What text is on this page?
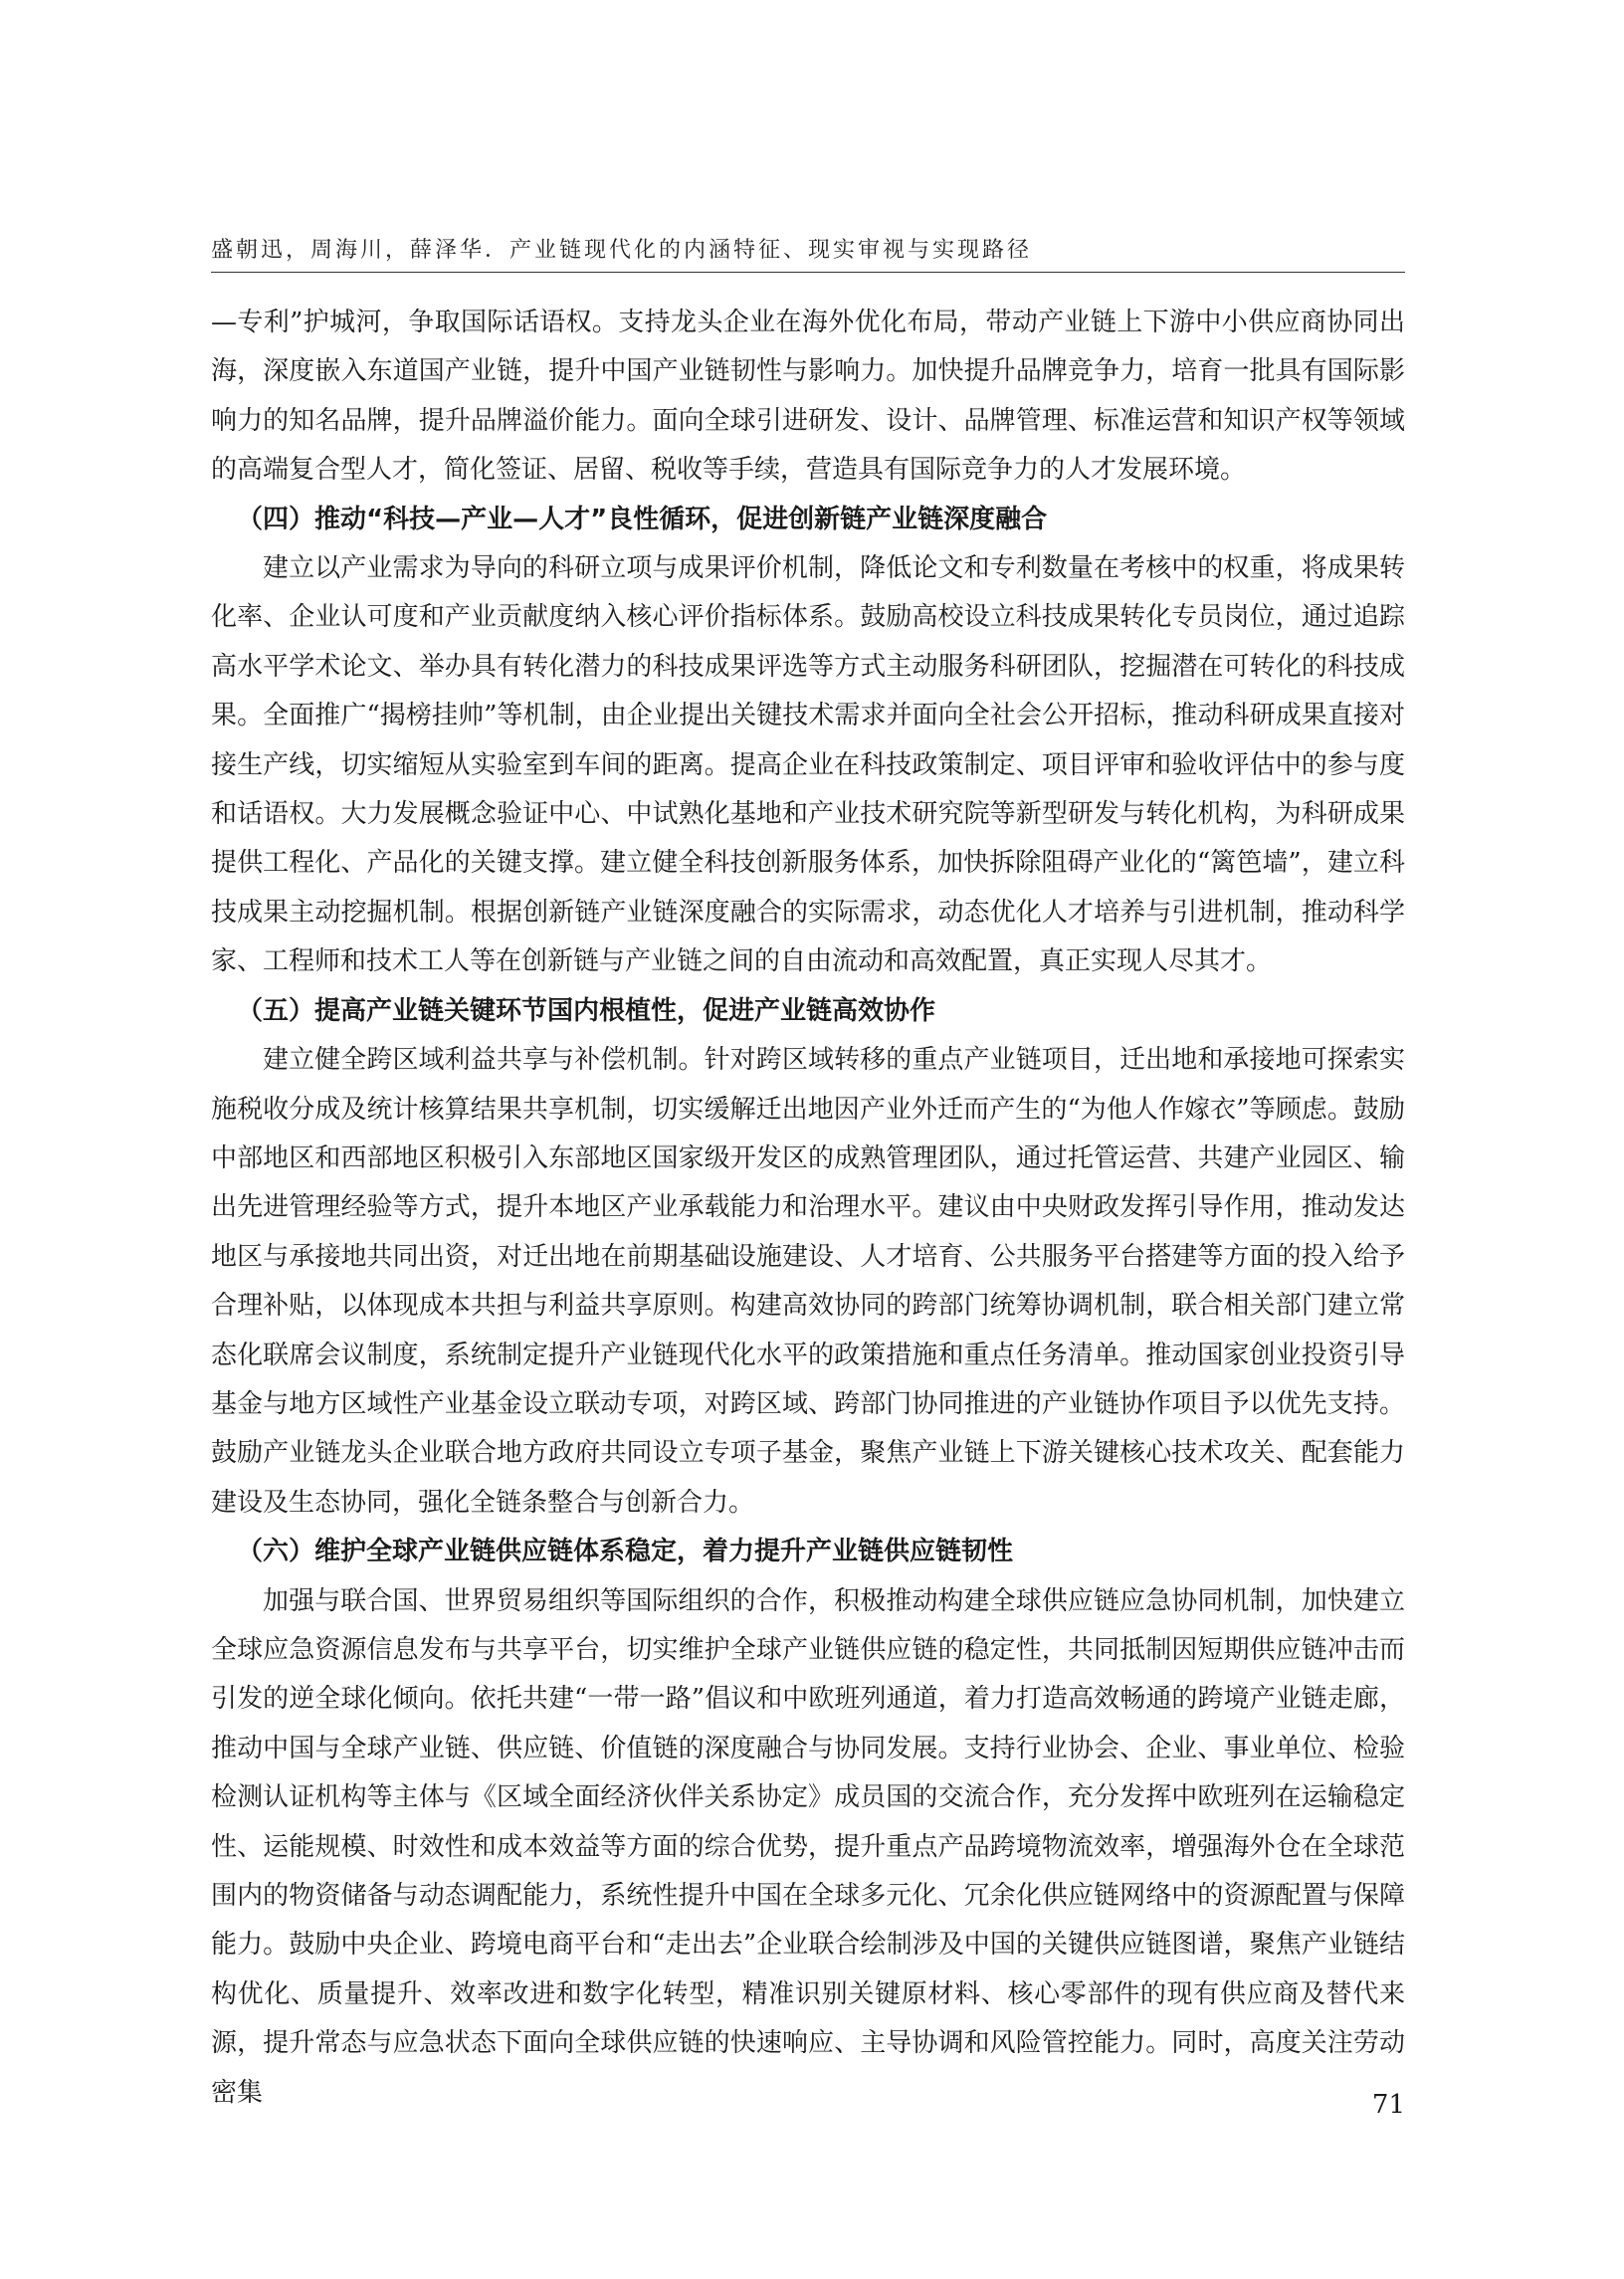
盛朝迅，周海川，薛泽华．产业链现代化的内涵特征、现实审视与实现路径

—专利”护城河，争取国际话语权。支持龙头企业在海外优化布局，带动产业链上下游中小供应商协同出海，深度嵌入东道国产业链，提升中国产业链韧性与影响力。加快提升品牌竞争力，培育一批具有国际影响力的知名品牌，提升品牌溢价能力。面向全球引进研发、设计、品牌管理、标准运营和知识产权等领域的高端复合型人才，简化签证、居留、税收等手续，营造具有国际竞争力的人才发展环境。

（四）推动“科技—产业—人才”良性循环，促进创新链产业链深度融合

建立以产业需求为导向的科研立项与成果评价机制，降低论文和专利数量在考核中的权重，将成果转化率、企业认可度和产业贡献度纳入核心评价指标体系。鼓励高校设立科技成果转化专员岗位，通过追踪高水平学术论文、举办具有转化潜力的科技成果评选等方式主动服务科研团队，挖掘潜在可转化的科技成果。全面推广“揭榜挂帅”等机制，由企业提出关键技术需求并面向全社会公开招标，推动科研成果直接对接生产线，切实缩短从实验室到车间的距离。提高企业在科技政策制定、项目评审和验收评估中的参与度和话语权。大力发展概念验证中心、中试熟化基地和产业技术研究院等新型研发与转化机构，为科研成果提供工程化、产品化的关键支撑。建立健全科技创新服务体系，加快拆除阻碍产业化的“篱笆墙”，建立科技成果主动挖掘机制。根据创新链产业链深度融合的实际需求，动态优化人才培养与引进机制，推动科学家、工程师和技术工人等在创新链与产业链之间的自由流动和高效配置，真正实现人尽其才。

（五）提高产业链关键环节国内根植性，促进产业链高效协作

建立健全跨区域利益共享与补偿机制。针对跨区域转移的重点产业链项目，迁出地和承接地可探索实施税收分成及统计核算结果共享机制，切实缓解迁出地因产业外迁而产生的“为他人作嫁衣”等顾虑。鼓励中部地区和西部地区积极引入东部地区国家级开发区的成熟管理团队，通过托管运营、共建产业园区、输出先进管理经验等方式，提升本地区产业承载能力和治理水平。建议由中央财政发挥引导作用，推动发达地区与承接地共同出资，对迁出地在前期基础设施建设、人才培育、公共服务平台搭建等方面的投入给予合理补贴，以体现成本共担与利益共享原则。构建高效协同的跨部门统筹协调机制，联合相关部门建立常态化联席会议制度，系统制定提升产业链现代化水平的政策措施和重点任务清单。推动国家创业投资引导基金与地方区域性产业基金设立联动专项，对跨区域、跨部门协同推进的产业链协作项目予以优先支持。鼓励产业链龙头企业联合地方政府共同设立专项子基金，聚焦产业链上下游关键核心技术攻关、配套能力建设及生态协同，强化全链条整合与创新合力。

（六）维护全球产业链供应链体系稳定，着力提升产业链供应链韧性

加强与联合国、世界贸易组织等国际组织的合作，积极推动构建全球供应链应急协同机制，加快建立全球应急资源信息发布与共享平台，切实维护全球产业链供应链的稳定性，共同抵制因短期供应链冲击而引发的逆全球化倾向。依托共建“一带一路”倡议和中欧班列通道，着力打造高效畅通的跨境产业链走廊，推动中国与全球产业链、供应链、价值链的深度融合与协同发展。支持行业协会、企业、事业单位、检验检测认证机构等主体与《区域全面经济伙伴关系协定》成员国的交流合作，充分发挥中欧班列在运输稳定性、运能规模、时效性和成本效益等方面的综合优势，提升重点产品跨境物流效率，增强海外仓在全球范围内的物资储备与动态调配能力，系统性提升中国在全球多元化、冗余化供应链网络中的资源配置与保障能力。鼓励中央企业、跨境电商平台和“走出去”企业联合绘制涉及中国的关键供应链图谱，聚焦产业链结构优化、质量提升、效率改进和数字化转型，精准识别关键原材料、核心零部件的现有供应商及替代来源，提升常态与应急状态下面向全球供应链的快速响应、主导协调和风险管控能力。同时，高度关注劳动密集	71
